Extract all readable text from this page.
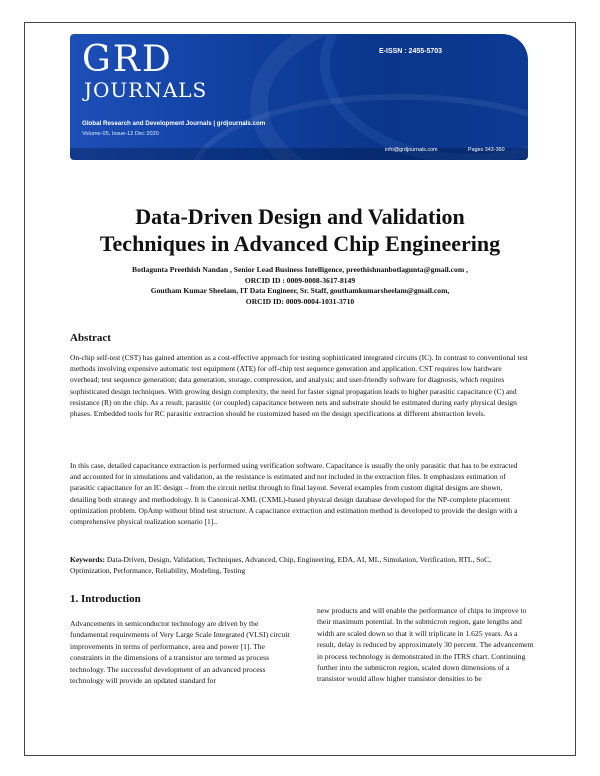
GRD
JOURNALS
Global Research and Development Journals | grdjournals.com
Volume-05, Issue-12 Dec 2020
E-ISSN : 2455-5703
info@grdjournals.com	Pages 343-360
Data-Driven Design and Validation
Techniques in Advanced Chip Engineering
Botlagunta Preethish Nandan , Senior Lead Business Intelligence, preethishnanbotlagunta@gmail.com ,
ORCID ID : 0009-0008-3617-8149
Goutham Kumar Sheelam, IT Data Engineer, Sr. Staff, gouthamkumarsheelam@gmail.com,
ORCID ID: 0009-0004-1031-3710
Abstract
On-chip self-test (CST) has gained attention as a cost-effective approach for testing sophisticated integrated circuits (IC). In contrast to conventional test methods involving expensive automatic test equipment (ATE) for off-chip test sequence generation and application. CST requires low hardware overhead; test sequence generation; data generation, storage, compression, and analysis; and user-friendly software for diagnosis, which requires sophisticated design techniques. With growing design complexity, the need for faster signal propagation leads to higher parasitic capacitance (C) and resistance (R) on the chip. As a result, parasitic (or coupled) capacitance between nets and substrate should be estimated during early physical design phases. Embedded tools for RC parasitic extraction should be customized based on the design specifications at different abstraction levels.
In this case, detailed capacitance extraction is performed using verification software. Capacitance is usually the only parasitic that has to be extracted and accounted for in simulations and validation, as the resistance is estimated and not included in the extraction files. It emphasizes estimation of parasitic capacitance for an IC design – from the circuit netlist through to final layout. Several examples from custom digital designs are shown, detailing both strategy and methodology. It is Canonical-XML (CXML)-based physical design database developed for the NP-complete placement optimization problem. OpAmp without blind test structure. A capacitance extraction and estimation method is developed to provide the design with a comprehensive physical realization scenario [1]..
Keywords: Data-Driven, Design, Validation, Techniques, Advanced, Chip, Engineering, EDA, AI, ML, Simulation, Verification, RTL, SoC, Optimization, Performance, Reliability, Modeling, Testing
1. Introduction
Advancements in semiconductor technology are driven by the fundamental requirements of Very Large Scale Integrated (VLSI) circuit improvements in terms of performance, area and power [1]. The constraints in the dimensions of a transistor are termed as process technology. The successful development of an advanced process technology will provide an updated standard for
new products and will enable the performance of chips to improve to their maximum potential. In the submicron region, gate lengths and width are scaled down so that it will triplicate in 1.625 years. As a result, delay is reduced by approximately 30 percent. The advancement in process technology is demonstrated in the ITRS chart. Continuing further into the submicron region, scaled down dimensions of a transistor would allow higher transistor densities to be
